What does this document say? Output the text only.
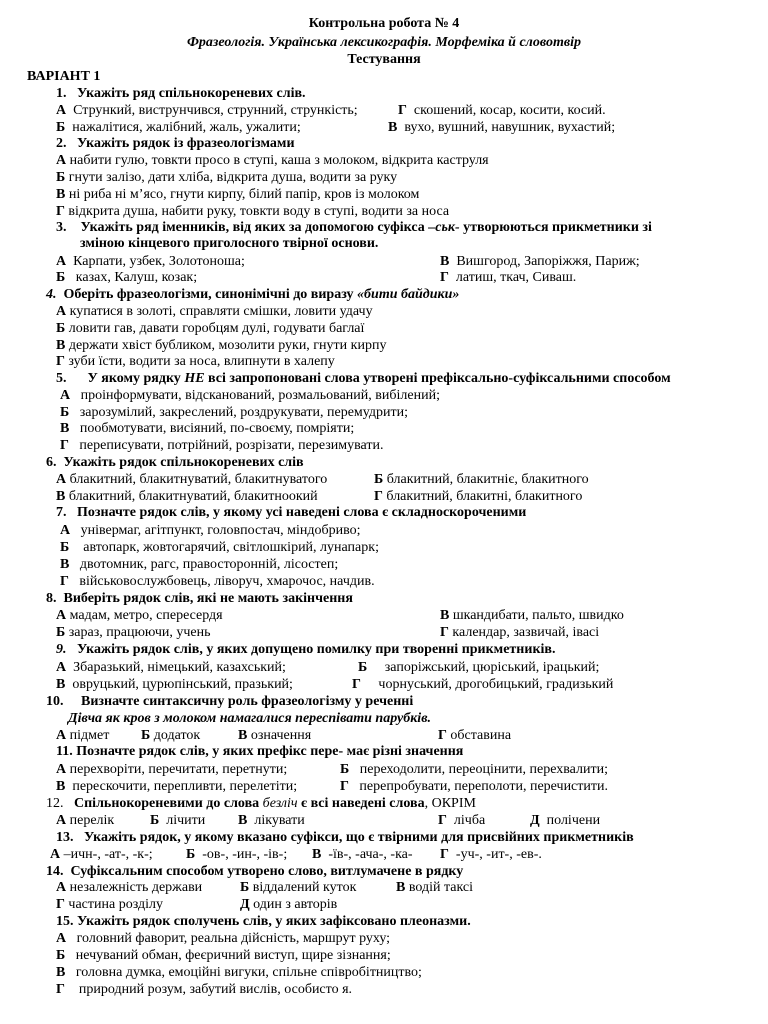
Контрольна робота № 4
Фразеологія. Українська лексикографія. Морфеміка й словотвір
Тестування
ВАРІАНТ 1
1. Укажіть ряд спільнокореневих слів.
А Стрункий, виструнчився, струнний, стрункість;	Г скошений, косар, косити, косий.
Б нажалітися, жалібний, жаль, ужалити;	В вухо, вушний, навушник, вухастий;
2. Укажіть рядок із фразеологізмами
А набити гулю, товкти просо в ступі, каша з молоком, відкрита каструля
Б гнути залізо, дати хліба, відкрита душа, водити за руку
В ні риба ні м’ясо, гнути кирпу, білий папір, кров із молоком
Г відкрита душа, набити руку, товкти воду в ступі, водити за носа
3. Укажіть ряд іменників, від яких за допомогою суфікса –ськ- утворюються прикметники зі
зміною кінцевого приголосного твірної основи.
А Карпати, узбек, Золотоноша;	В Вишгород, Запоріжжя, Париж;
Б казах, Калуш, козак;	Г латиш, ткач, Сиваш.
4. Оберіть фразеологізми, синонімічні до виразу «бити байдики»
А купатися в золоті, справляти смішки, ловити удачу
Б ловити гав, давати горобцям дулі, годувати баглаї
В держати хвіст бубликом, мозолити руки, гнути кирпу
Г зуби їсти, водити за носа, влипнути в халепу
5. У якому рядку НЕ всі запропоновані слова утворені префіксально-суфіксальними способом
А проінформувати, відсканований, розмальований, вибілений;
Б зарозумілий, закреслений, роздрукувати, перемудрити;
В пообмотувати, висіяний, по-своєму, помріяти;
Г переписувати, потрійний, розрізати, перезимувати.
6. Укажіть рядок спільнокореневих слів
А блакитний, блакитнуватий, блакитнуватого	Б блакитний, блакитніє, блакитного
В блакитний, блакитнуватий, блакитноокий	Г блакитний, блакитні, блакитного
7. Позначте рядок слів, у якому усі наведені слова є складноскороченими
А універмаг, агітпункт, головпостач, міндобриво;
Б автопарк, жовтогарячий, світлошкірий, лунапарк;
В двотомник, рагс, правосторонній, лісостеп;
Г військовослужбовець, ліворуч, хмарочос, начдив.
8. Виберіть рядок слів, які не мають закінчення
А мадам, метро, спересердя	В шкандибати, пальто, швидко
Б зараз, працюючи, учень	Г календар, зазвичай, івасі
9. Укажіть рядок слів, у яких допущено помилку при творенні прикметників.
А Збаразький, німецький, казахський;	Б запоріжський, цюріський, ірацький;
В овруцький, цурюпінський, празький;	Г чорнуський, дрогобицький, градизький
10. Визначте синтаксичну роль фразеологізму у реченні
Дівча як кров з молоком намагалися переспівати парубків.
А підмет Б додаток	В означення	Г обставина
11. Позначте рядок слів, у яких префікс пере- має різні значення
А перехворіти, перечитати, перетнути;	Б переходолити, переоцінити, перехвалити;
В перескочити, перепливти, перелетіти;	Г перепробувати, переполоти, перечистити.
12. Спільнокореневими до слова безліч є всі наведені слова, ОКРІМ
А перелік	Б лічити В лікувати	Г лічба	Д полічени
13. Укажіть рядок, у якому вказано суфікси, що є твірними для присвійних прикметників
А –ичн-, -ат-, -к-; Б -ов-, -ин-, -ів-; В -їв-, -ача-, -ка- Г -уч-, -ит-, -ев-.
14. Суфіксальним способом утворено слово, витлумачене в рядку
А незалежність держави	Б віддалений куток	В водій таксі
Г частина розділу	Д один з авторів
15. Укажіть рядок сполучень слів, у яких зафіксовано плеоназми.
А головний фаворит, реальна дійсність, маршрут руху;
Б нечуваний обман, феєричний виступ, щире зізнання;
В головна думка, емоційні вигуки, спільне співробітництво;
Г природний розум, забутий вислів, особисто я.
